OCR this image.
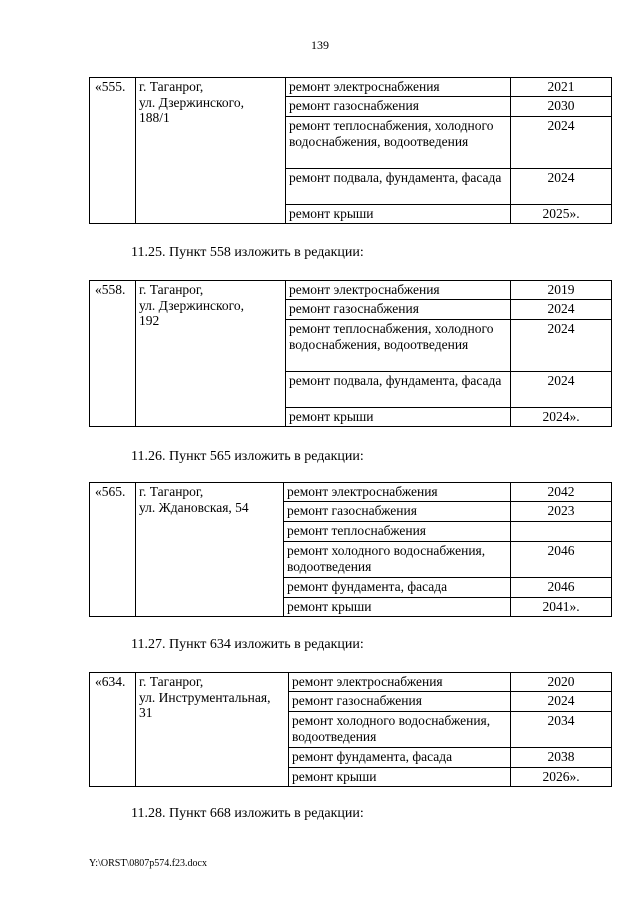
139
«555.	г. Таганрог,
ул. Дзержинского,
188/1	ремонт электроснабжения	2021
		ремонт газоснабжения	2030
		ремонт теплоснабжения, холодного водоснабжения, водоотведения	2024
		ремонт подвала, фундамента, фасада	2024
		ремонт крыши	2025».
11.25. Пункт 558 изложить в редакции:
«558.	г. Таганрог,
ул. Дзержинского,
192	ремонт электроснабжения	2019
		ремонт газоснабжения	2024
		ремонт теплоснабжения, холодного водоснабжения, водоотведения	2024
		ремонт подвала, фундамента, фасада	2024
		ремонт крыши	2024».
11.26. Пункт 565 изложить в редакции:
«565.	г. Таганрог,
ул. Ждановская, 54	ремонт электроснабжения	2042
		ремонт газоснабжения	2023
		ремонт теплоснабжения	
		ремонт холодного водоснабжения, водоотведения	2046
		ремонт фундамента, фасада	2046
		ремонт крыши	2041».
11.27. Пункт 634 изложить в редакции:
«634.	г. Таганрог,
ул. Инструментальная,
31	ремонт электроснабжения	2020
		ремонт газоснабжения	2024
		ремонт холодного водоснабжения, водоотведения	2034
		ремонт фундамента, фасада	2038
		ремонт крыши	2026».
11.28. Пункт 668 изложить в редакции:
Y:\ORST\0807p574.f23.docx
